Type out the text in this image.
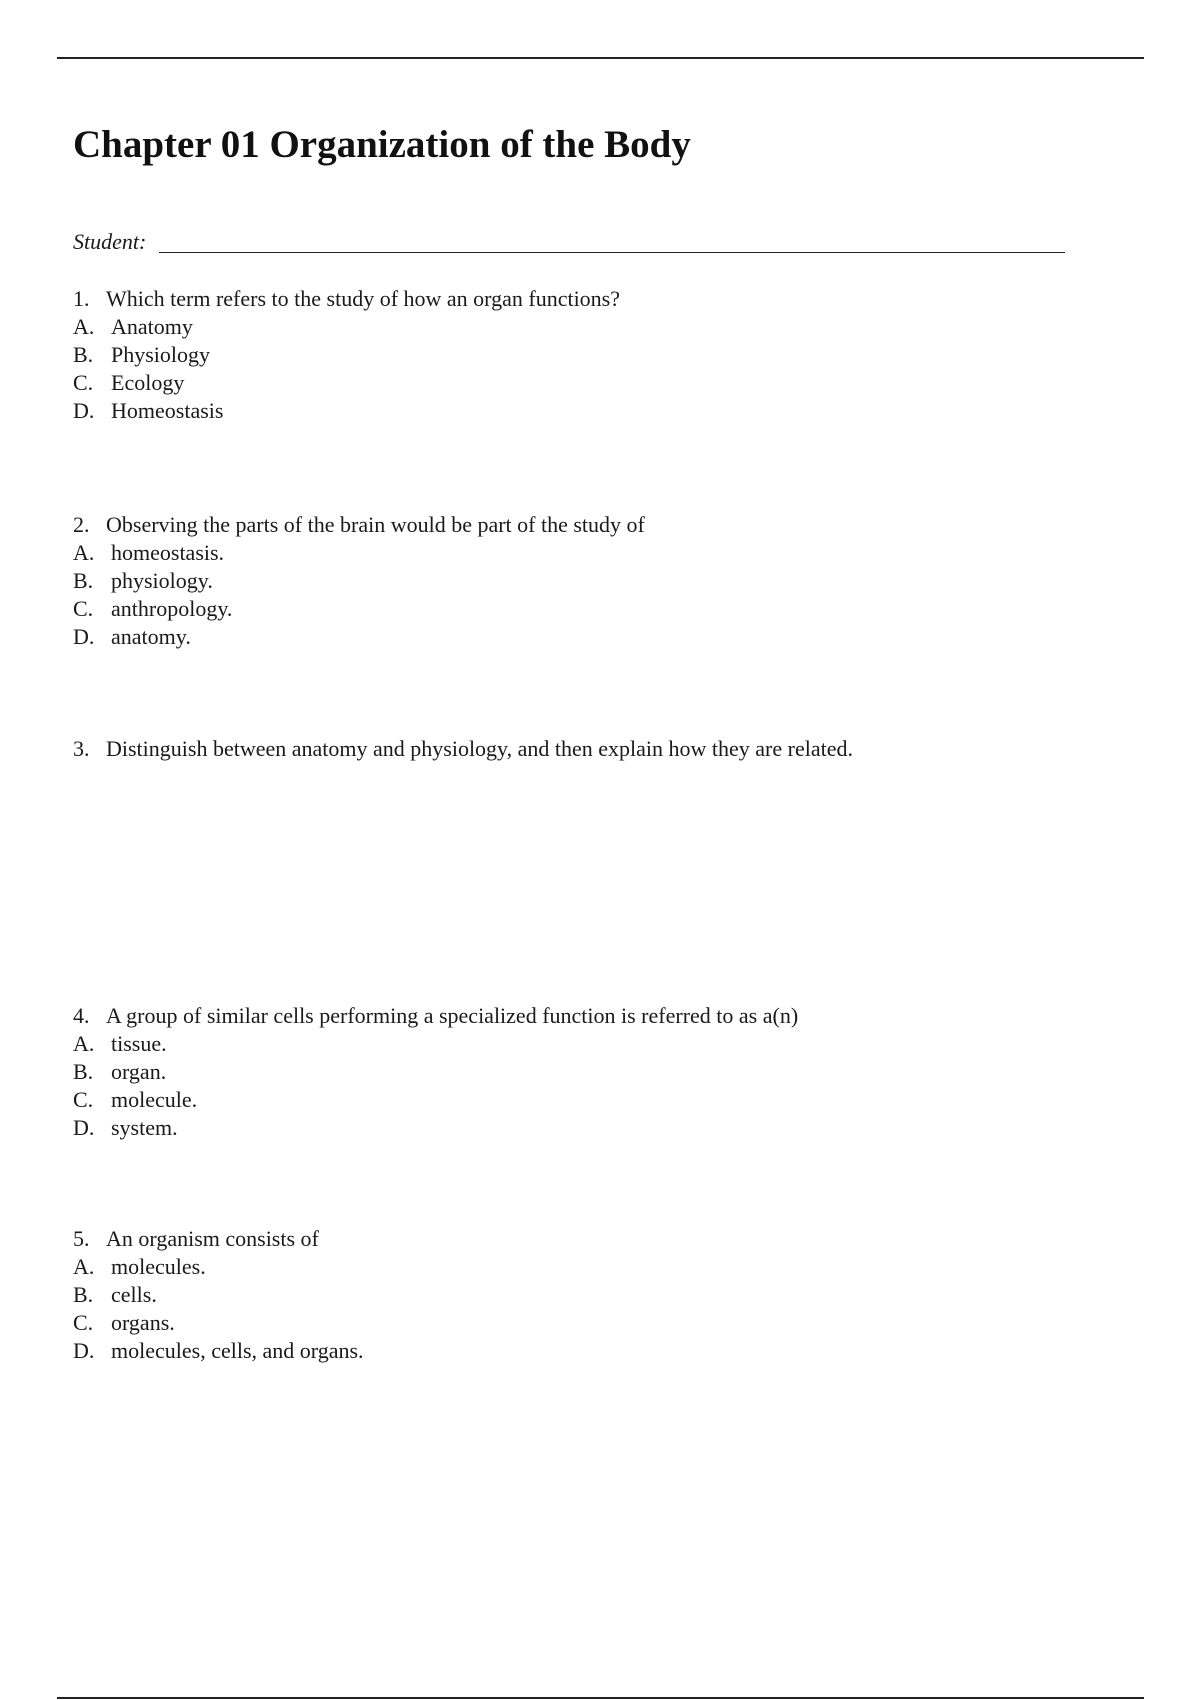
Chapter 01 Organization of the Body
Student:
1. Which term refers to the study of how an organ functions?
A. Anatomy
B. Physiology
C. Ecology
D. Homeostasis
2. Observing the parts of the brain would be part of the study of
A. homeostasis.
B. physiology.
C. anthropology.
D. anatomy.
3. Distinguish between anatomy and physiology, and then explain how they are related.
4. A group of similar cells performing a specialized function is referred to as a(n)
A. tissue.
B. organ.
C. molecule.
D. system.
5. An organism consists of
A. molecules.
B. cells.
C. organs.
D. molecules, cells, and organs.
